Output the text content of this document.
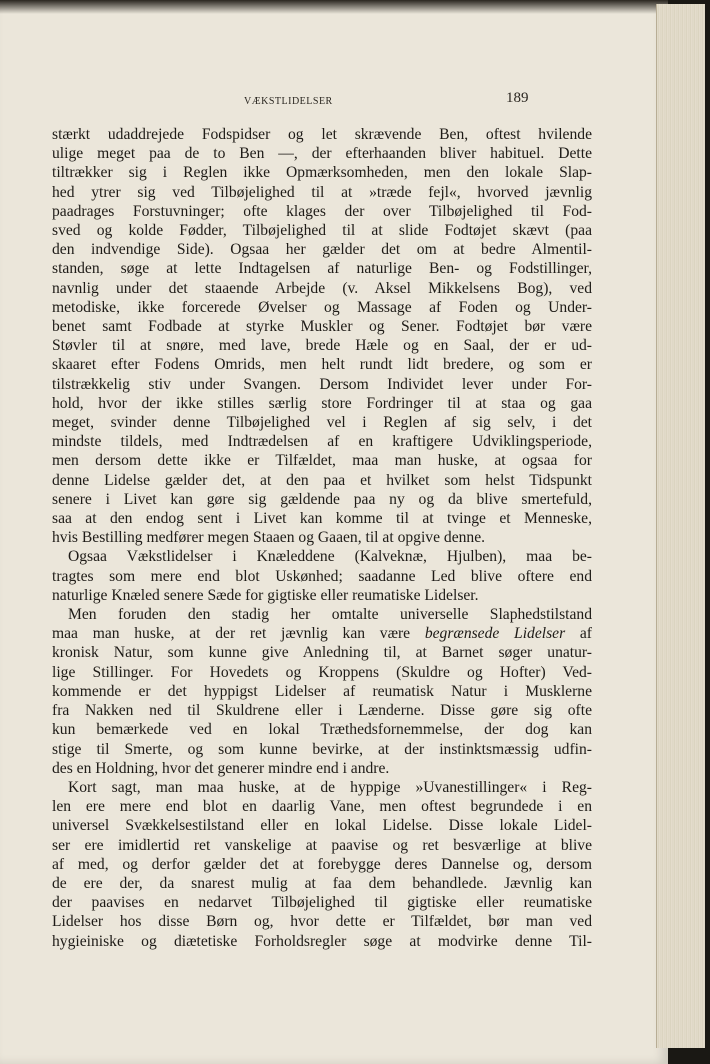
VÆKSTLIDELSER	189
stærkt udaddrejede Fodspidser og let skrævende Ben, oftest hvilende
ulige meget paa de to Ben —, der efterhaanden bliver habituel. Dette
tiltrækker sig i Reglen ikke Opmærksomheden, men den lokale Slap-
hed ytrer sig ved Tilbøjelighed til at »træde fejl«, hvorved jævnlig
paadrages Forstuvninger; ofte klages der over Tilbøjelighed til Fod-
sved og kolde Fødder, Tilbøjelighed til at slide Fodtøjet skævt (paa
den indvendige Side). Ogsaa her gælder det om at bedre Almentil-
standen, søge at lette Indtagelsen af naturlige Ben- og Fodstillinger,
navnlig under det staaende Arbejde (v. Aksel Mikkelsens Bog), ved
metodiske, ikke forcerede Øvelser og Massage af Foden og Under-
benet samt Fodbade at styrke Muskler og Sener. Fodtøjet bør være
Støvler til at snøre, med lave, brede Hæle og en Saal, der er ud-
skaaret efter Fodens Omrids, men helt rundt lidt bredere, og som er
tilstrækkelig stiv under Svangen. Dersom Individet lever under For-
hold, hvor der ikke stilles særlig store Fordringer til at staa og gaa
meget, svinder denne Tilbøjelighed vel i Reglen af sig selv, i det
mindste tildels, med Indtrædelsen af en kraftigere Udviklingsperiode,
men dersom dette ikke er Tilfældet, maa man huske, at ogsaa for
denne Lidelse gælder det, at den paa et hvilket som helst Tidspunkt
senere i Livet kan gøre sig gældende paa ny og da blive smertefuld,
saa at den endog sent i Livet kan komme til at tvinge et Menneske,
hvis Bestilling medfører megen Staaen og Gaaen, til at opgive denne.
Ogsaa Vækstlidelser i Knæleddene (Kalveknæ, Hjulben), maa be-
tragtes som mere end blot Uskønhed; saadanne Led blive oftere end
naturlige Knæled senere Sæde for gigtiske eller reumatiske Lidelser.
Men foruden den stadig her omtalte universelle Slaphedstilstand
maa man huske, at der ret jævnlig kan være begrænsede Lidelser af
kronisk Natur, som kunne give Anledning til, at Barnet søger unatur-
lige Stillinger. For Hovedets og Kroppens (Skuldre og Hofter) Ved-
kommende er det hyppigst Lidelser af reumatisk Natur i Musklerne
fra Nakken ned til Skuldrene eller i Lænderne. Disse gøre sig ofte
kun bemærkede ved en lokal Træthedsfornemmelse, der dog kan
stige til Smerte, og som kunne bevirke, at der instinktsmæssig udfin-
des en Holdning, hvor det generer mindre end i andre.
Kort sagt, man maa huske, at de hyppige »Uvanestillinger« i Reg-
len ere mere end blot en daarlig Vane, men oftest begrundede i en
universel Svækkelsestilstand eller en lokal Lidelse. Disse lokale Lidel-
ser ere imidlertid ret vanskelige at paavise og ret besværlige at blive
af med, og derfor gælder det at forebygge deres Dannelse og, dersom
de ere der, da snarest mulig at faa dem behandlede. Jævnlig kan
der paavises en nedarvet Tilbøjelighed til gigtiske eller reumatiske
Lidelser hos disse Børn og, hvor dette er Tilfældet, bør man ved
hygieiniske og diætetiske Forholdsregler søge at modvirke denne Til-
